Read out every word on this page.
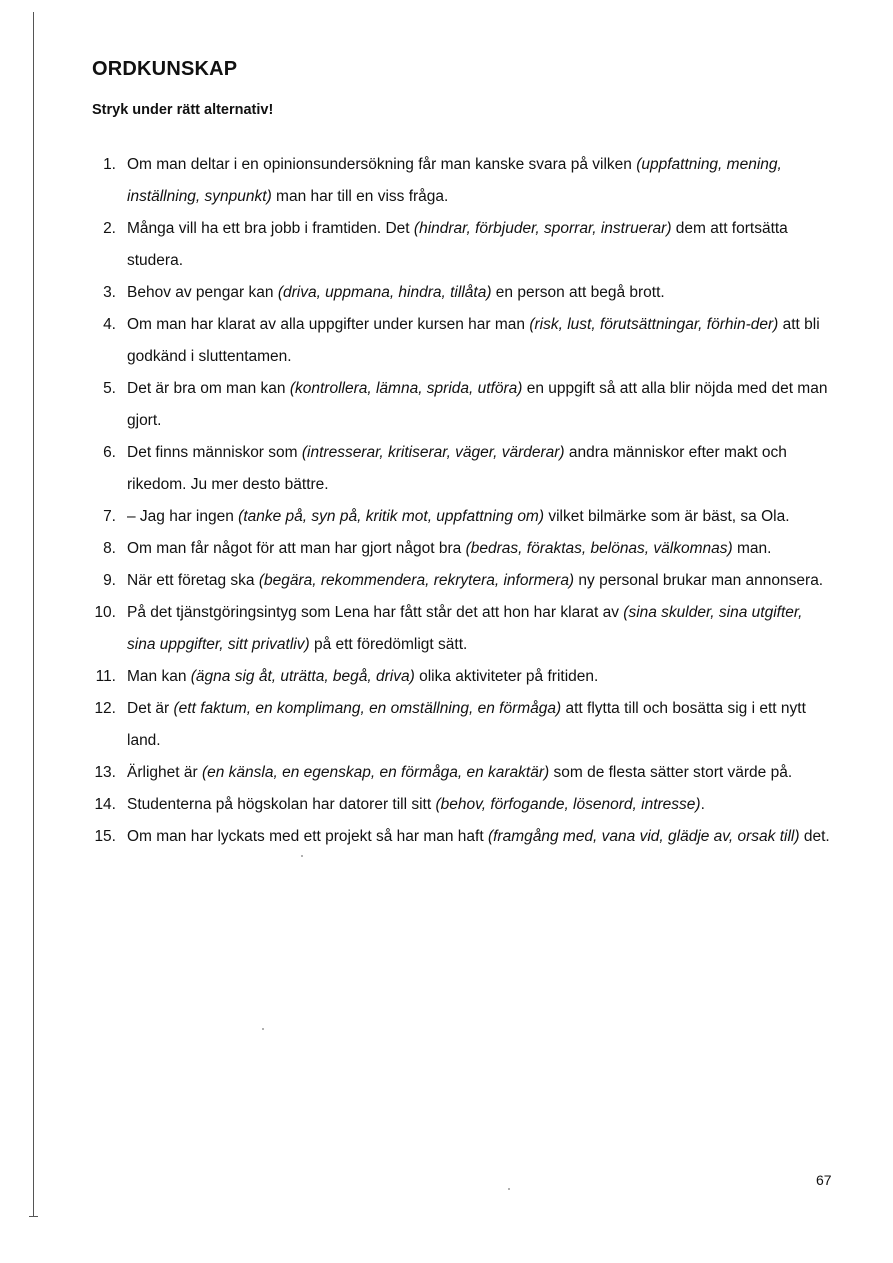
ORDKUNSKAP

Stryk under rätt alternativ!

1. Om man deltar i en opinionsundersökning får man kanske svara på vilken (uppfattning, mening, inställning, synpunkt) man har till en viss fråga.
2. Många vill ha ett bra jobb i framtiden. Det (hindrar, förbjuder, sporrar, instruerar) dem att fortsätta studera.
3. Behov av pengar kan (driva, uppmana, hindra, tillåta) en person att begå brott.
4. Om man har klarat av alla uppgifter under kursen har man (risk, lust, förutsättningar, förhin-der) att bli godkänd i sluttentamen.
5. Det är bra om man kan (kontrollera, lämna, sprida, utföra) en uppgift så att alla blir nöjda med det man gjort.
6. Det finns människor som (intresserar, kritiserar, väger, värderar) andra människor efter makt och rikedom. Ju mer desto bättre.
7. – Jag har ingen (tanke på, syn på, kritik mot, uppfattning om) vilket bilmärke som är bäst, sa Ola.
8. Om man får något för att man har gjort något bra (bedras, föraktas, belönas, välkomnas) man.
9. När ett företag ska (begära, rekommendera, rekrytera, informera) ny personal brukar man annonsera.
10. På det tjänstgöringsintyg som Lena har fått står det att hon har klarat av (sina skulder, sina utgifter, sina uppgifter, sitt privatliv) på ett föredömligt sätt.
11. Man kan (ägna sig åt, uträtta, begå, driva) olika aktiviteter på fritiden.
12. Det är (ett faktum, en komplimang, en omställning, en förmåga) att flytta till och bosätta sig i ett nytt land.
13. Ärlighet är (en känsla, en egenskap, en förmåga, en karaktär) som de flesta sätter stort värde på.
14. Studenterna på högskolan har datorer till sitt (behov, förfogande, lösenord, intresse).
15. Om man har lyckats med ett projekt så har man haft (framgång med, vana vid, glädje av, orsak till) det.
67
